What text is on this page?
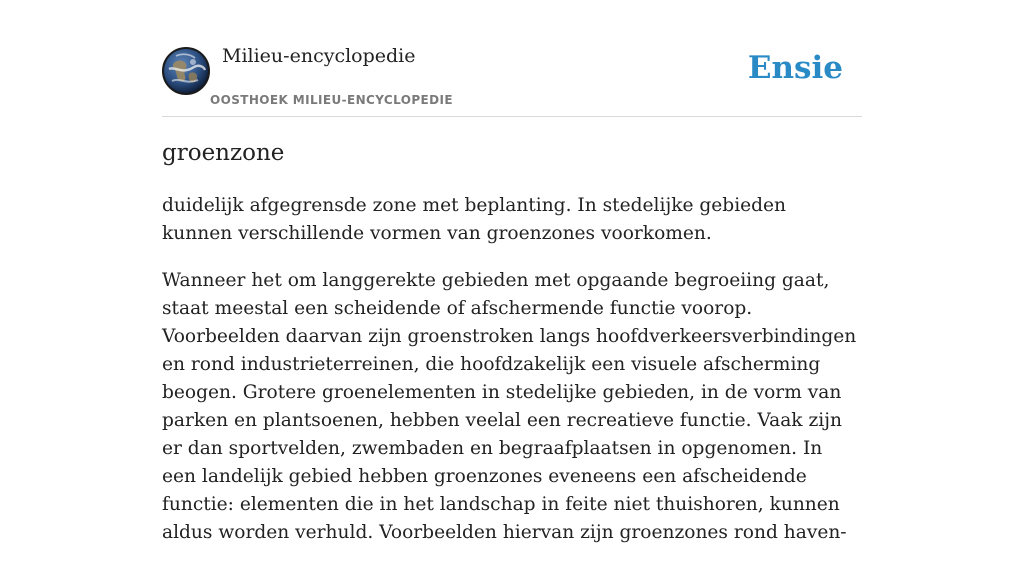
Milieu-encyclopedie
OOSTHOEK MILIEU-ENCYCLOPEDIE
Ensie
groenzone

duidelijk afgegrensde zone met beplanting. In stedelijke gebieden kunnen verschillende vormen van groenzones voorkomen.

Wanneer het om langgerekte gebieden met opgaande begroeiing gaat, staat meestal een scheidende of afschermende functie voorop. Voorbeelden daarvan zijn groenstroken langs hoofdverkeersverbindingen en rond industrieterreinen, die hoofdzakelijk een visuele afscherming beogen. Grotere groenelementen in stedelijke gebieden, in de vorm van parken en plantsoenen, hebben veelal een recreatieve functie. Vaak zijn er dan sportvelden, zwembaden en begraafplaatsen in opgenomen. In een landelijk gebied hebben groenzones eveneens een afscheidende functie: elementen die in het landschap in feite niet thuishoren, kunnen aldus worden verhuld. Voorbeelden hiervan zijn groenzones rond haven-
